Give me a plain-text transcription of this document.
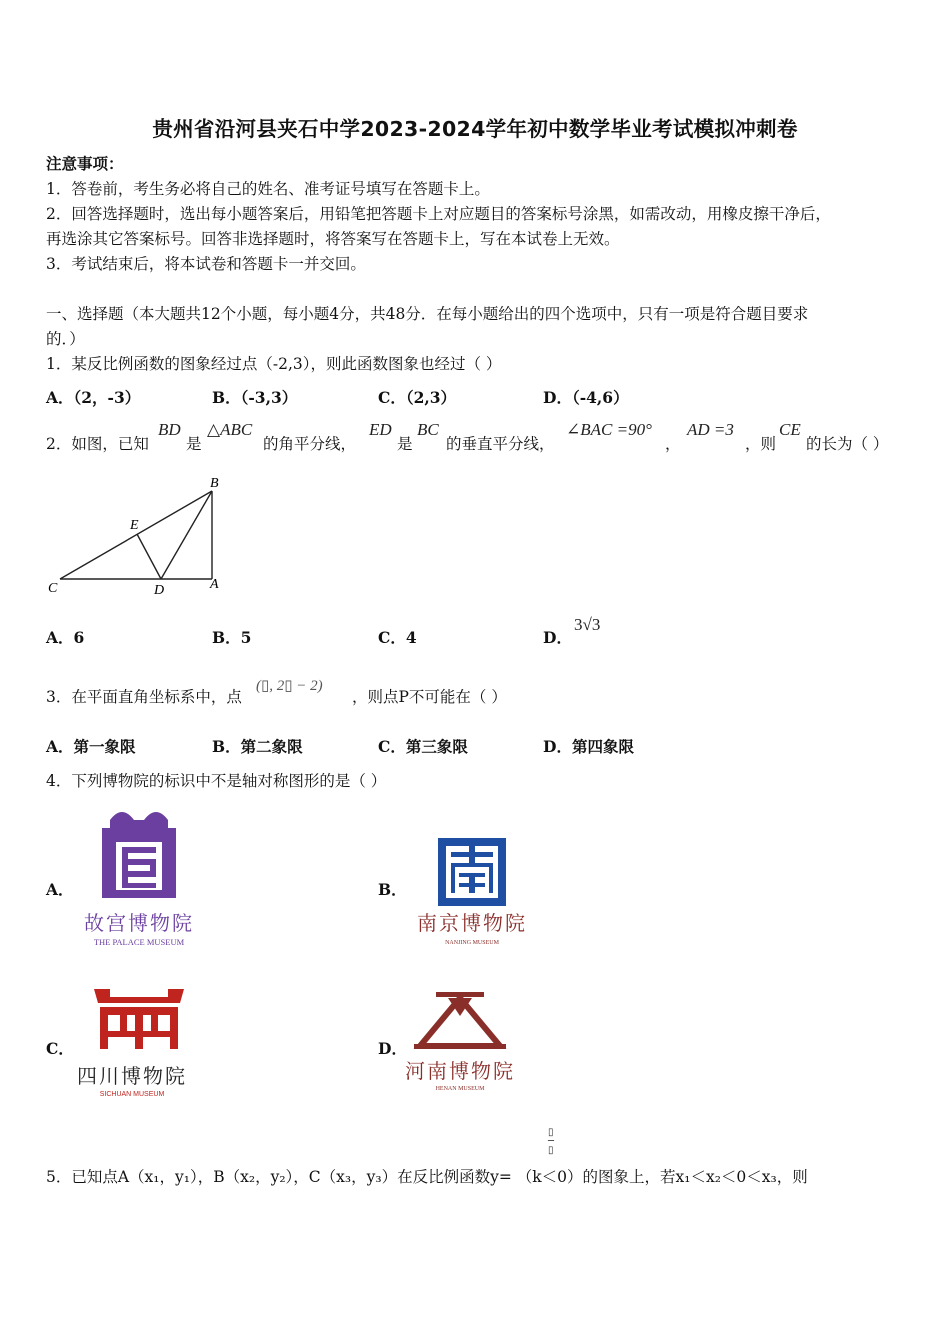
贵州省沿河县夹石中学2023-2024学年初中数学毕业考试模拟冲刺卷
注意事项：
1．答卷前，考生务必将自己的姓名、准考证号填写在答题卡上。
2．回答选择题时，选出每小题答案后，用铅笔把答题卡上对应题目的答案标号涂黑，如需改动，用橡皮擦干净后，
再选涂其它答案标号。回答非选择题时，将答案写在答题卡上，写在本试卷上无效。
3．考试结束后，将本试卷和答题卡一并交回。
一、选择题（本大题共12个小题，每小题4分，共48分．在每小题给出的四个选项中，只有一项是符合题目要求
的．）
1．某反比例函数的图象经过点（-2,3），则此函数图象也经过（ ）
A．（2，-3）	B．（-3,3）	C．（2,3）	D．（-4,6）
2．如图，已知
BD
是
△ABC
的角平分线，
ED
是
BC
的垂直平分线，
∠BAC =90°
，
AD =3
，则
CE
的长为（ ）
B
E
C	D	A
A．6	B．5	C．4	D．
3√3
3．在平面直角坐标系中，点
(▯, 2▯ − 2)
，则点P不可能在（ ）
A．第一象限	B．第二象限	C．第三象限	D．第四象限
4．下列博物院的标识中不是轴对称图形的是（ ）
A．	B．
C．	D．
故宫博物院
THE PALACE MUSEUM
南京博物院
NANJING MUSEUM
四川博物院
SICHUAN MUSEUM
河南博物院
HENAN MUSEUM
▯
─
▯
5．已知点A（x₁，y₁），B（x₂，y₂），C（x₃，y₃）在反比例函数y= （k＜0）的图象上，若x₁＜x₂＜0＜x₃，则
